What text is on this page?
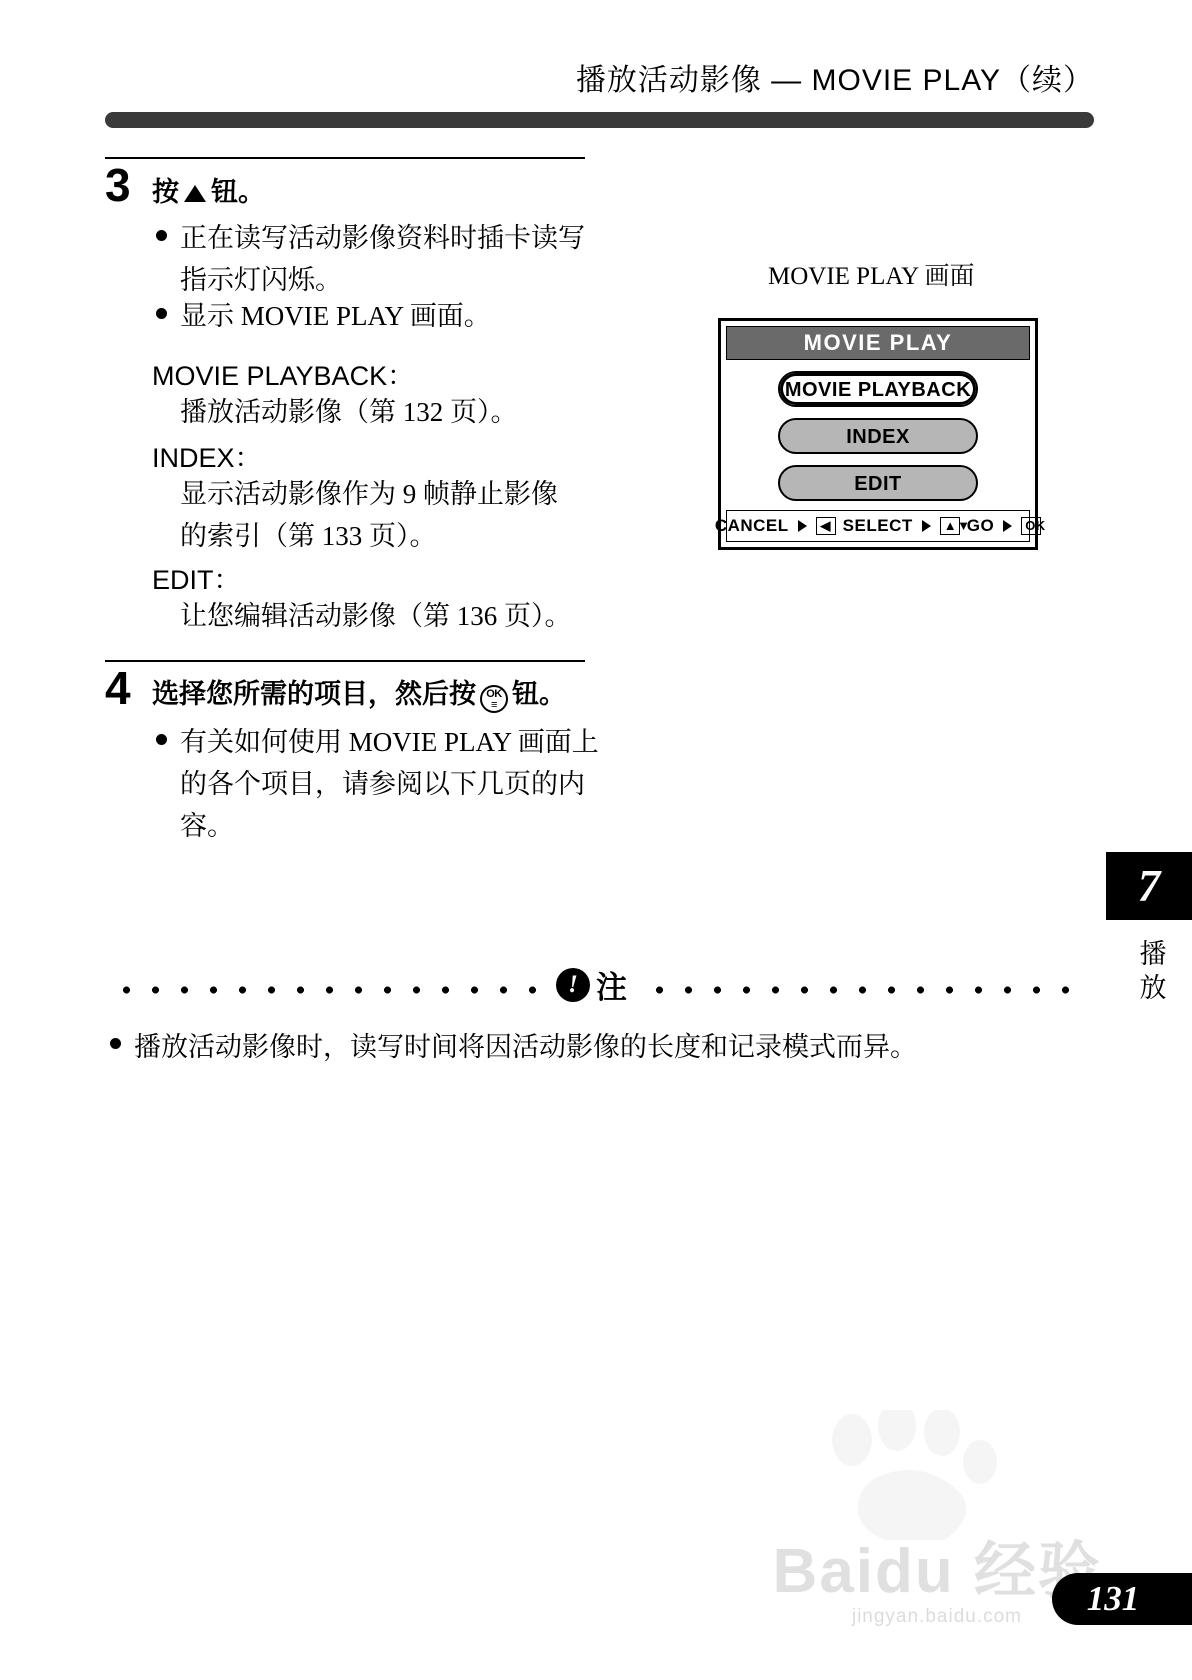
播放活动影像 — MOVIE PLAY（续）
3 按 钮。
正在读写活动影像资料时插卡读写
指示灯闪烁。
显示 MOVIE PLAY 画面。
MOVIE PLAYBACK：
播放活动影像（第 132 页）。
INDEX：
显示活动影像作为 9 帧静止影像
的索引（第 133 页）。
EDIT：
让您编辑活动影像（第 136 页）。
4 选择您所需的项目，然后按 OK
≡ 钮。
有关如何使用 MOVIE PLAY 画面上
的各个项目，请参阅以下几页的内
容。
MOVIE PLAY 画面
MOVIE PLAY
MOVIE PLAYBACK
INDEX
EDIT
CANCEL	◀ SELECT	▲▼
GO	OK
! 注
播放活动影像时，读写时间将因活动影像的长度和记录模式而异。
7
播放
Baidu 经验
jingyan.baidu.com	131
